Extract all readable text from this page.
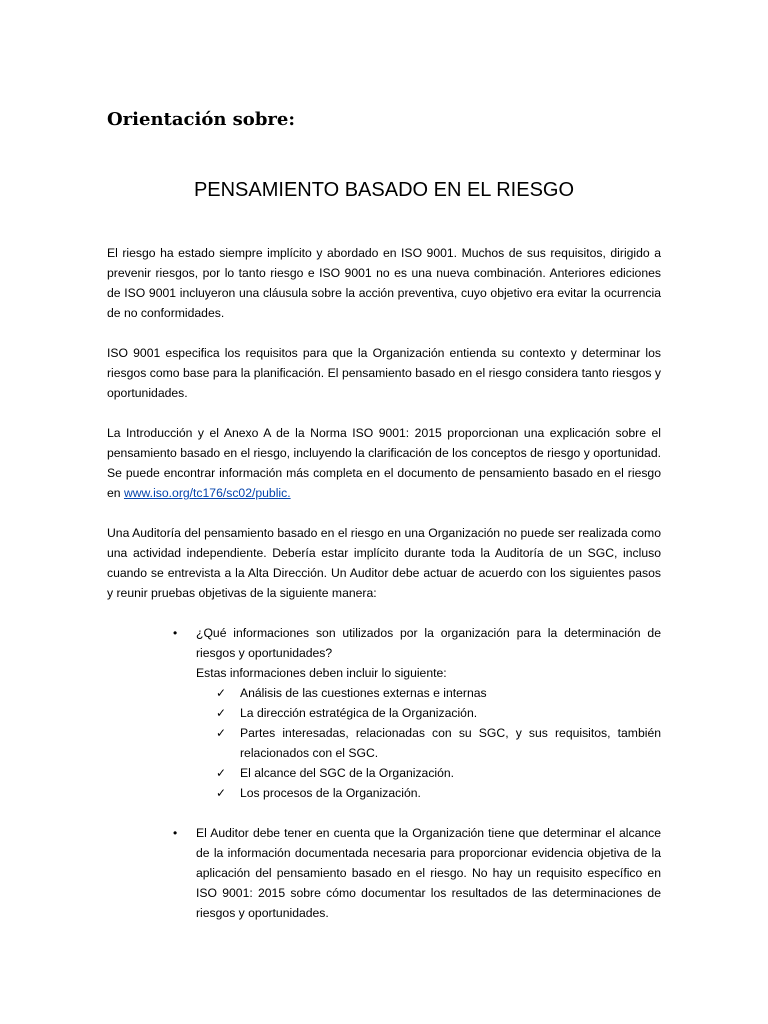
Orientación sobre:
PENSAMIENTO BASADO EN EL RIESGO

El riesgo ha estado siempre implícito y abordado en ISO 9001. Muchos de sus requisitos, dirigido a prevenir riesgos, por lo tanto riesgo e ISO 9001 no es una nueva combinación. Anteriores ediciones de ISO 9001 incluyeron una cláusula sobre la acción preventiva, cuyo objetivo era evitar la ocurrencia de no conformidades.

ISO 9001 especifica los requisitos para que la Organización entienda su contexto y determinar los riesgos como base para la planificación. El pensamiento basado en el riesgo considera tanto riesgos y oportunidades.

La Introducción y el Anexo A de la Norma ISO 9001: 2015 proporcionan una explicación sobre el pensamiento basado en el riesgo, incluyendo la clarificación de los conceptos de riesgo y oportunidad. Se puede encontrar información más completa en el documento de pensamiento basado en el riesgo en www.iso.org/tc176/sc02/public.

Una Auditoría del pensamiento basado en el riesgo en una Organización no puede ser realizada como una actividad independiente. Debería estar implícito durante toda la Auditoría de un SGC, incluso cuando se entrevista a la Alta Dirección. Un Auditor debe actuar de acuerdo con los siguientes pasos y reunir pruebas objetivas de la siguiente manera:

• ¿Qué informaciones son utilizados por la organización para la determinación de riesgos y oportunidades?
Estas informaciones deben incluir lo siguiente:
✓ Análisis de las cuestiones externas e internas
✓ La dirección estratégica de la Organización.
✓ Partes interesadas, relacionadas con su SGC, y sus requisitos, también relacionados con el SGC.
✓ El alcance del SGC de la Organización.
✓ Los procesos de la Organización.
• El Auditor debe tener en cuenta que la Organización tiene que determinar el alcance de la información documentada necesaria para proporcionar evidencia objetiva de la aplicación del pensamiento basado en el riesgo. No hay un requisito específico en ISO 9001: 2015 sobre cómo documentar los resultados de las determinaciones de riesgos y oportunidades.
